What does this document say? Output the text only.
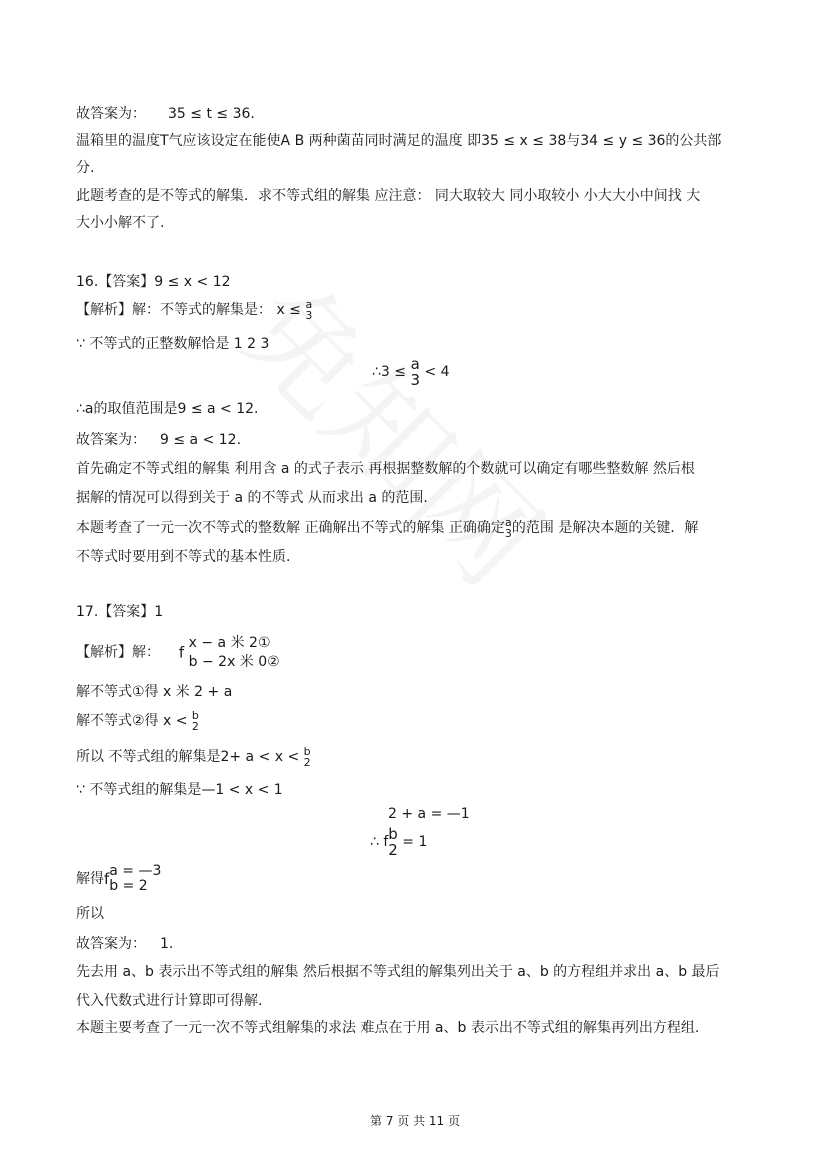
故答案为： 35 ≤ t ≤ 36.
温箱里的温度T气应该设定在能使A B 两种菌苗同时满足的温度 即35 ≤ x ≤ 38与34 ≤ y ≤ 36的公共部
分.
此题考查的是不等式的解集．求不等式组的解集 应注意： 同大取较大 同小取较小 小大大小中间找 大
大小小解不了.
16.【答案】9 ≤ x < 12
【解析】解：不等式的解集是： x ≤ a
3
∵ 不等式的正整数解恰是 1 2 3
∴3 ≤ a
3 < 4
∴a的取值范围是9 ≤ a < 12.
故答案为： 9 ≤ a < 12.
首先确定不等式组的解集 利用含 a 的式子表示 再根据整数解的个数就可以确定有哪些整数解 然后根
据解的情况可以得到关于 a 的不等式 从而求出 a 的范围.
本题考查了一元一次不等式的整数解 正确解出不等式的解集 正确确定 a
3 的范围 是解决本题的关键．解
不等式时要用到不等式的基本性质.
17.【答案】1
【解析】解： f
x − a 米 2①
b − 2x 米 0②
解不等式①得 x 米 2 + a
解不等式②得 x < b
2
所以 不等式组的解集是2+ a < x < b
2
∵ 不等式组的解集是—1 < x < 1
2 + a = —1
∴ f b
2 = 1
解得f a = —3
b = 2
所以
故答案为： 1.
先去用 a、b 表示出不等式组的解集 然后根据不等式组的解集列出关于 a、b 的方程组并求出 a、b 最后
代入代数式进行计算即可得解.
本题主要考查了一元一次不等式组解集的求法 难点在于用 a、b 表示出不等式组的解集再列出方程组.
第 7 页 共 11 页
